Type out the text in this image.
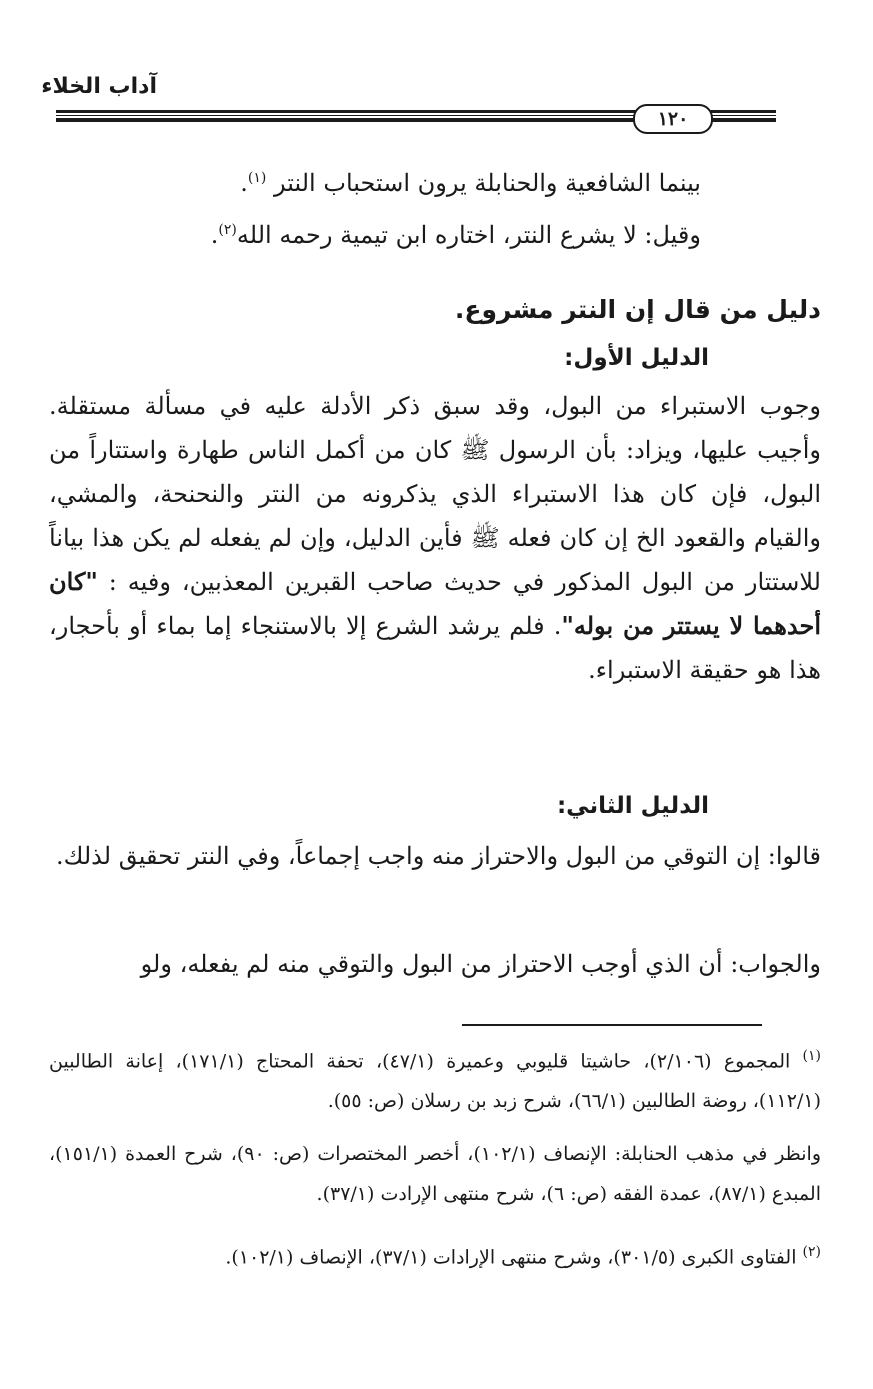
آداب الخلاء
١٢٠
بينما الشافعية والحنابلة يرون استحباب النتر $^{(١)}$.
وقيل: لا يشرع النتر، اختاره ابن تيمية رحمه الله$^{(٢)}$.
دليل من قال إن النتر مشروع.
الدليل الأول:
وجوب الاستبراء من البول، وقد سبق ذكر الأدلة عليه في مسألة مستقلة. وأجيب عليها، ويزاد: بأن الرسول ﷺ كان من أكمل الناس طهارة واستتاراً من البول، فإن كان هذا الاستبراء الذي يذكرونه من النتر والنحنحة، والمشي، والقيام والقعود الخ إن كان فعله ﷺ فأين الدليل، وإن لم يفعله لم يكن هذا بياناً للاستتار من البول المذكور في حديث صاحب القبرين المعذبين، وفيه : "كان أحدهما لا يستتر من بوله". فلم يرشد الشرع إلا بالاستنجاء إما بماء أو بأحجار، هذا هو حقيقة الاستبراء.
الدليل الثاني:
قالوا: إن التوقي من البول والاحتراز منه واجب إجماعاً، وفي النتر تحقيق لذلك.
والجواب: أن الذي أوجب الاحتراز من البول والتوقي منه لم يفعله، ولو
$^{(١)}$ المجموع (٢/١٠٦)، حاشيتا قليوبي وعميرة (٤٧/١)، تحفة المحتاج (١٧١/١)، إعانة الطالبين (١١٢/١)، روضة الطالبين (٦٦/١)، شرح زبد بن رسلان (ص: ٥٥).
وانظر في مذهب الحنابلة: الإنصاف (١٠٢/١)، أخصر المختصرات (ص: ٩٠)، شرح العمدة (١٥١/١)، المبدع (٨٧/١)، عمدة الفقه (ص: ٦)، شرح منتهى الإرادت (٣٧/١).
$^{(٢)}$ الفتاوى الكبرى (٣٠١/٥)، وشرح منتهى الإرادات (٣٧/١)، الإنصاف (١٠٢/١).
